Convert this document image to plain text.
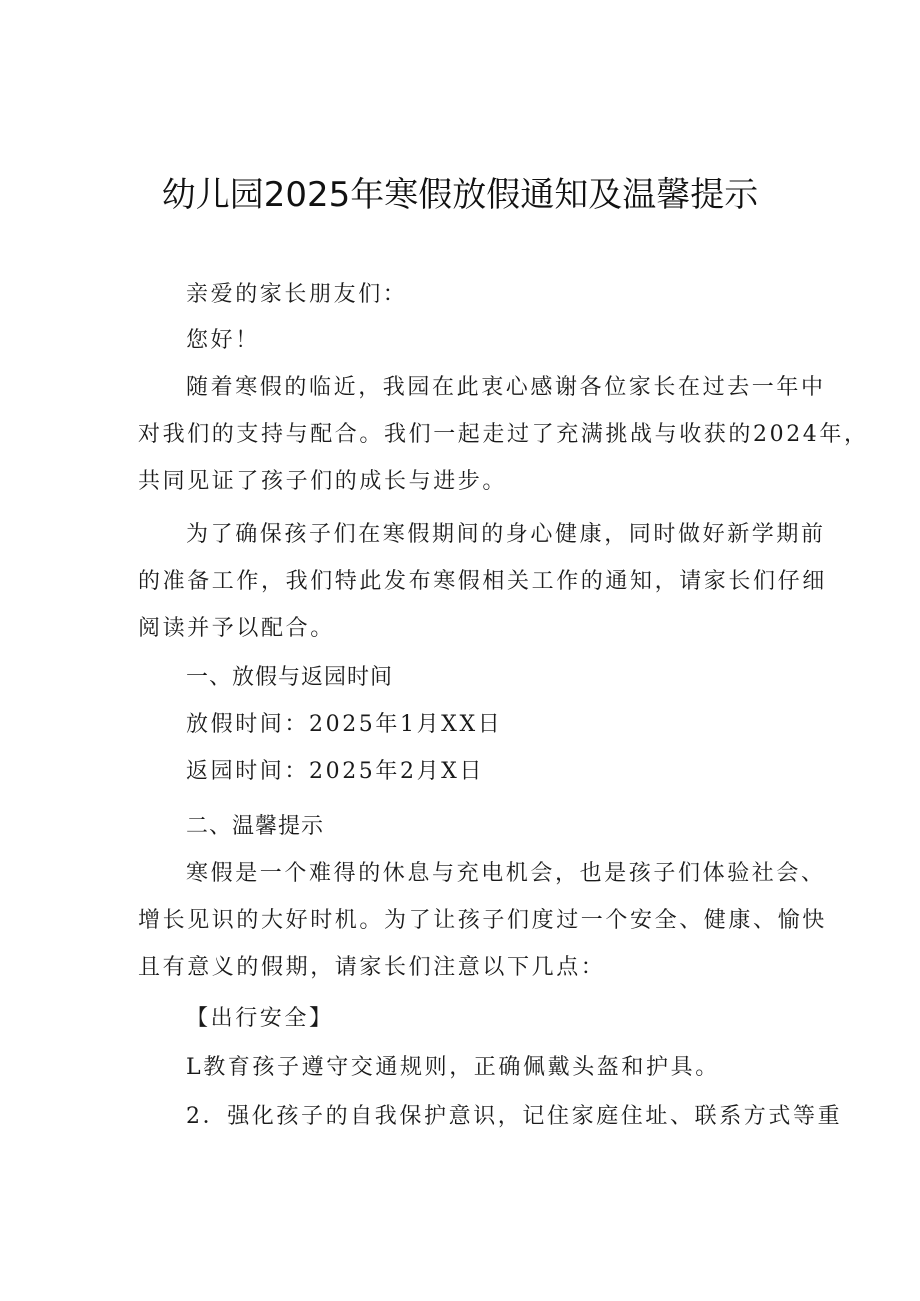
幼儿园2025年寒假放假通知及温馨提示
亲爱的家长朋友们：
您好！
随着寒假的临近，我园在此衷心感谢各位家长在过去一年中
对我们的支持与配合。我们一起走过了充满挑战与收获的2024年，
共同见证了孩子们的成长与进步。
为了确保孩子们在寒假期间的身心健康，同时做好新学期前
的准备工作，我们特此发布寒假相关工作的通知，请家长们仔细
阅读并予以配合。
一、放假与返园时间
放假时间：2025年1月XX日
返园时间：2025年2月X日
二、温馨提示
寒假是一个难得的休息与充电机会，也是孩子们体验社会、
增长见识的大好时机。为了让孩子们度过一个安全、健康、愉快
且有意义的假期，请家长们注意以下几点：
【出行安全】
L教育孩子遵守交通规则，正确佩戴头盔和护具。
2．强化孩子的自我保护意识，记住家庭住址、联系方式等重
